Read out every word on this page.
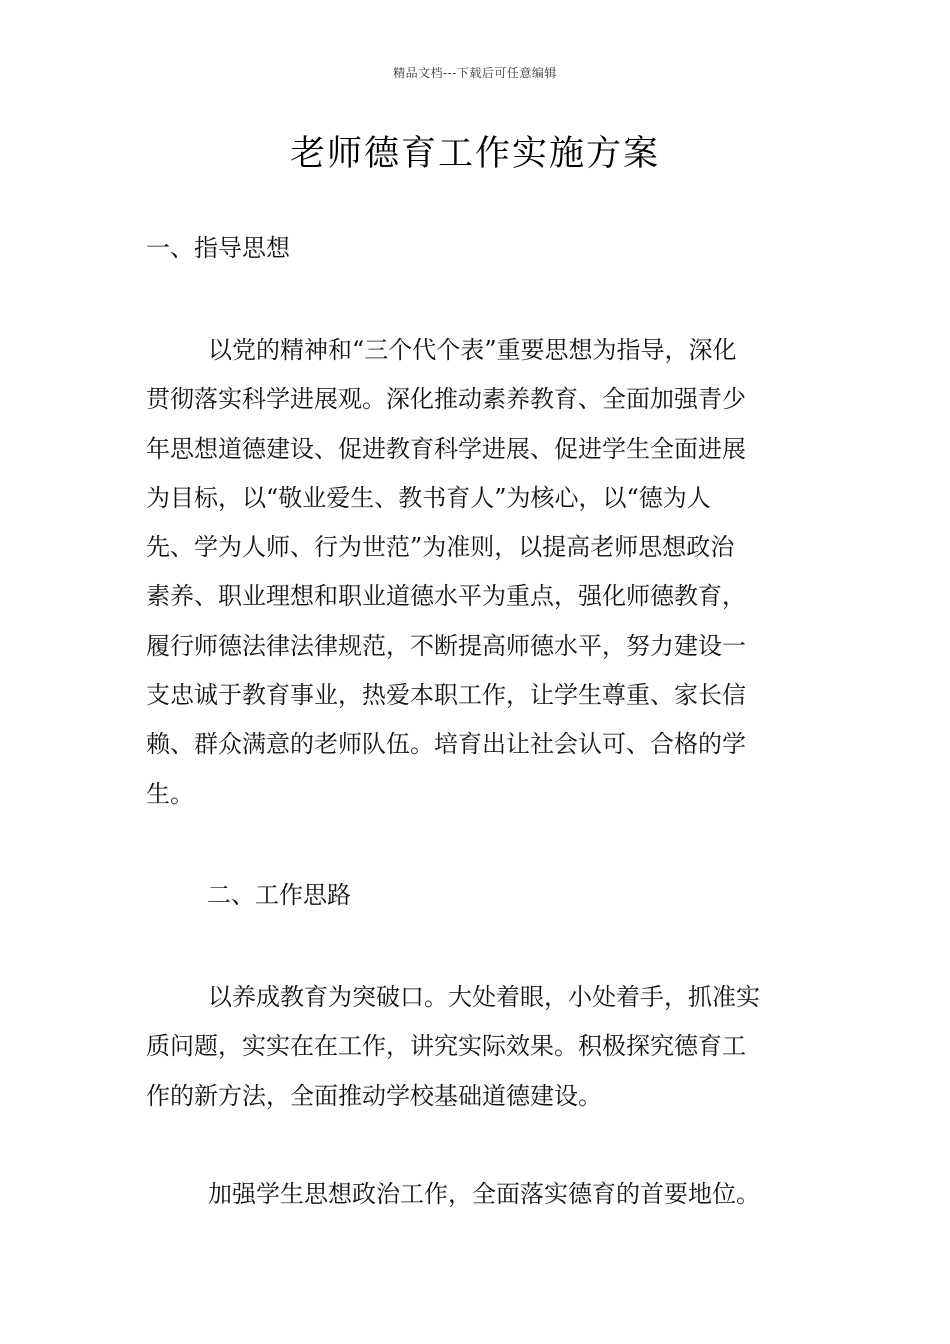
精品文档---下载后可任意编辑
老师德育工作实施方案
一、指导思想
以党的精神和“三个代个表”重要思想为指导，深化
贯彻落实科学进展观。深化推动素养教育、全面加强青少
年思想道德建设、促进教育科学进展、促进学生全面进展
为目标，以“敬业爱生、教书育人”为核心，以“德为人
先、学为人师、行为世范”为准则，以提高老师思想政治
素养、职业理想和职业道德水平为重点，强化师德教育，
履行师德法律法律规范，不断提高师德水平，努力建设一
支忠诚于教育事业，热爱本职工作，让学生尊重、家长信
赖、群众满意的老师队伍。培育出让社会认可、合格的学
生。
二、工作思路
以养成教育为突破口。大处着眼，小处着手，抓准实
质问题，实实在在工作，讲究实际效果。积极探究德育工
作的新方法，全面推动学校基础道德建设。
加强学生思想政治工作，全面落实德育的首要地位。
